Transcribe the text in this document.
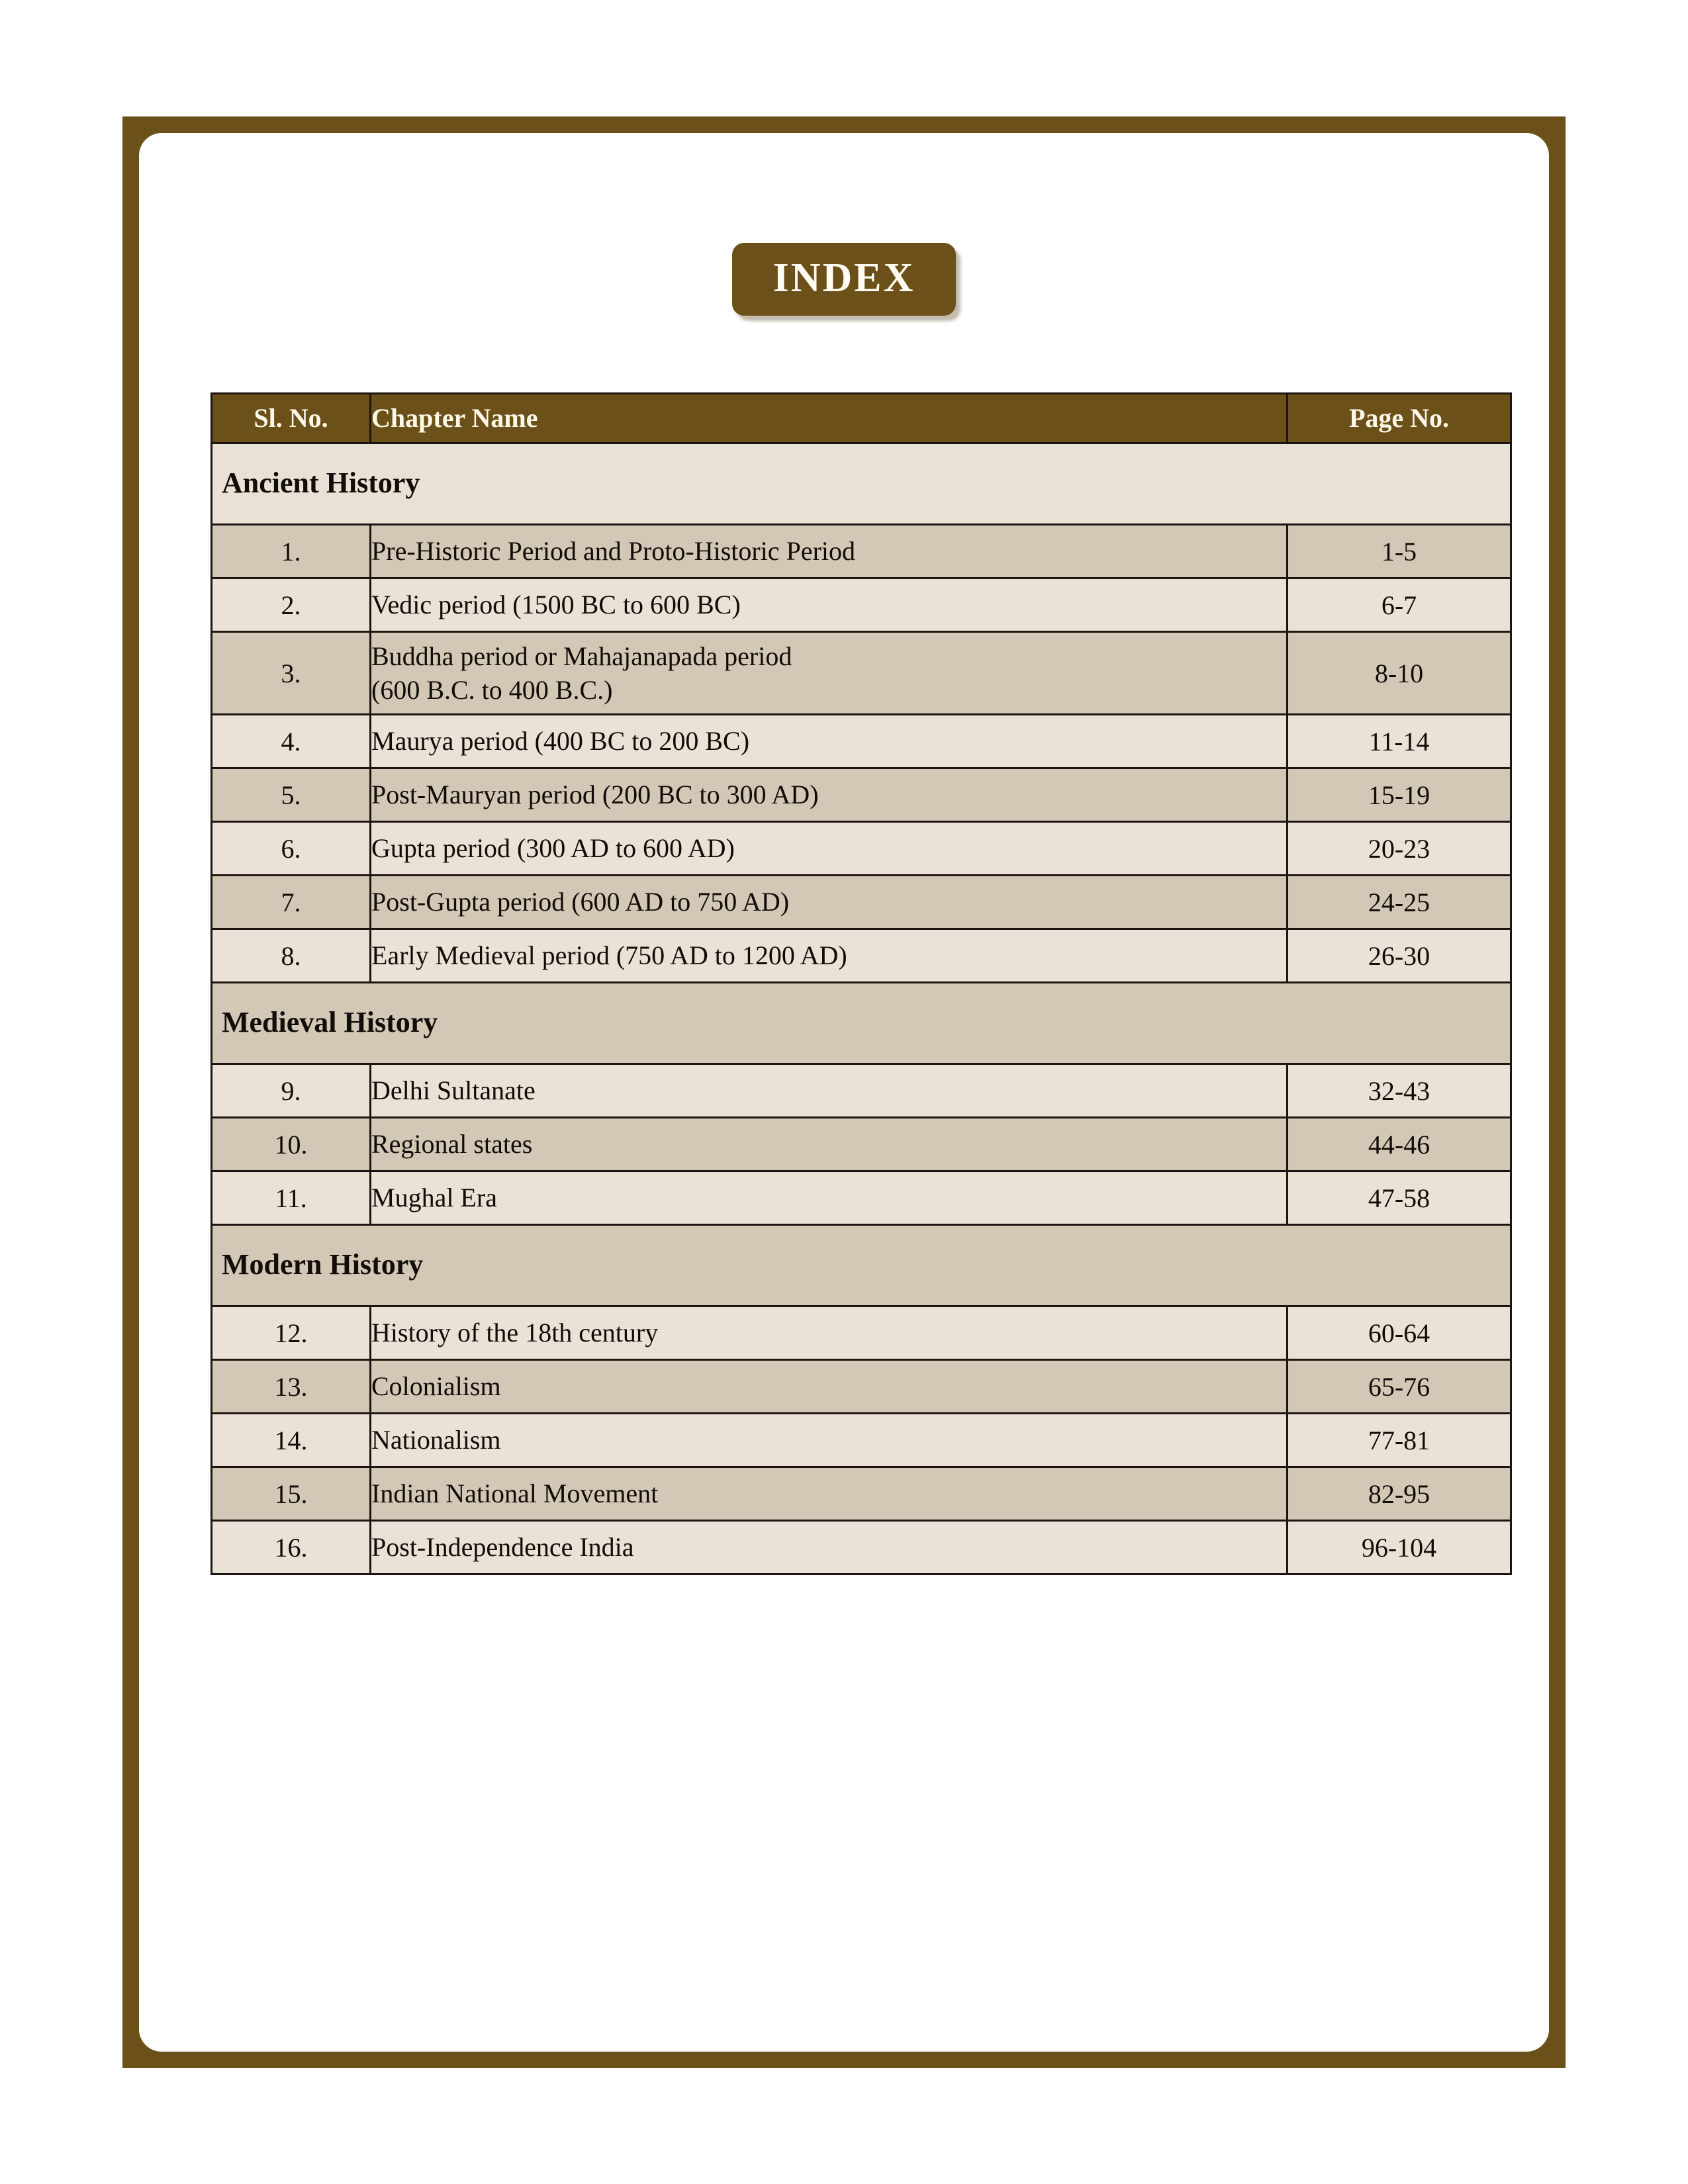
INDEX
Sl. No.	Chapter Name	Page No.
Ancient History		
1.	Pre-Historic Period and Proto-Historic Period	1-5
2.	Vedic period (1500 BC to 600 BC)	6-7
3.	Buddha period or Mahajanapada period
(600 B.C. to 400 B.C.)	8-10
4.	Maurya period (400 BC to 200 BC)	11-14
5.	Post-Mauryan period (200 BC to 300 AD)	15-19
6.	Gupta period (300 AD to 600 AD)	20-23
7.	Post-Gupta period (600 AD to 750 AD)	24-25
8.	Early Medieval period (750 AD to 1200 AD)	26-30
Medieval History		
9.	Delhi Sultanate	32-43
10.	Regional states	44-46
11.	Mughal Era	47-58
Modern History		
12.	History of the 18th century	60-64
13.	Colonialism	65-76
14.	Nationalism	77-81
15.	Indian National Movement	82-95
16.	Post-Independence India	96-104
